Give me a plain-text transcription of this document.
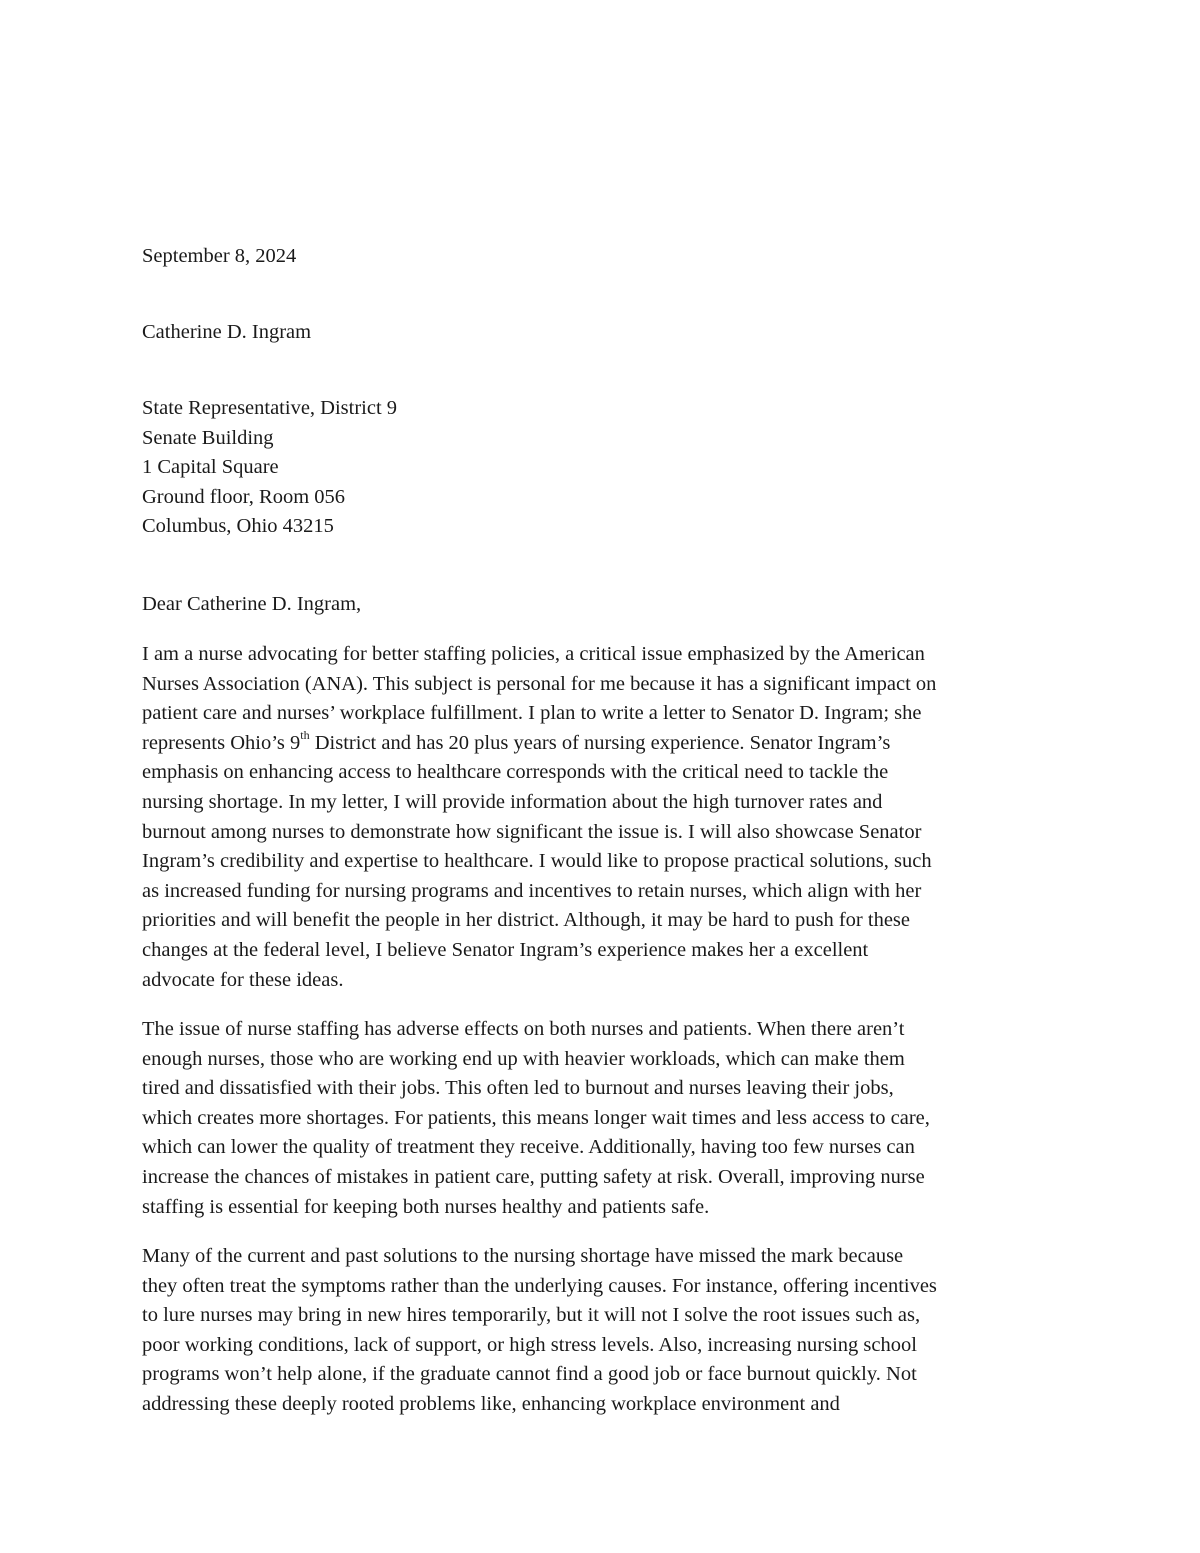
September 8, 2024
Catherine D. Ingram
State Representative, District 9
Senate Building
1 Capital Square
Ground floor, Room 056
Columbus, Ohio 43215
Dear Catherine D. Ingram,
I am a nurse advocating for better staffing policies, a critical issue emphasized by the American
Nurses Association (ANA). This subject is personal for me because it has a significant impact on
patient care and nurses’ workplace fulfillment. I plan to write a letter to Senator D. Ingram; she
represents Ohio’s 9th District and has 20 plus years of nursing experience. Senator Ingram’s
emphasis on enhancing access to healthcare corresponds with the critical need to tackle the
nursing shortage. In my letter, I will provide information about the high turnover rates and
burnout among nurses to demonstrate how significant the issue is. I will also showcase Senator
Ingram’s credibility and expertise to healthcare. I would like to propose practical solutions, such
as increased funding for nursing programs and incentives to retain nurses, which align with her
priorities and will benefit the people in her district. Although, it may be hard to push for these
changes at the federal level, I believe Senator Ingram’s experience makes her a excellent
advocate for these ideas.
The issue of nurse staffing has adverse effects on both nurses and patients. When there aren’t
enough nurses, those who are working end up with heavier workloads, which can make them
tired and dissatisfied with their jobs. This often led to burnout and nurses leaving their jobs,
which creates more shortages. For patients, this means longer wait times and less access to care,
which can lower the quality of treatment they receive. Additionally, having too few nurses can
increase the chances of mistakes in patient care, putting safety at risk. Overall, improving nurse
staffing is essential for keeping both nurses healthy and patients safe.
Many of the current and past solutions to the nursing shortage have missed the mark because
they often treat the symptoms rather than the underlying causes. For instance, offering incentives
to lure nurses may bring in new hires temporarily, but it will not I solve the root issues such as,
poor working conditions, lack of support, or high stress levels. Also, increasing nursing school
programs won’t help alone, if the graduate cannot find a good job or face burnout quickly. Not
addressing these deeply rooted problems like, enhancing workplace environment and
